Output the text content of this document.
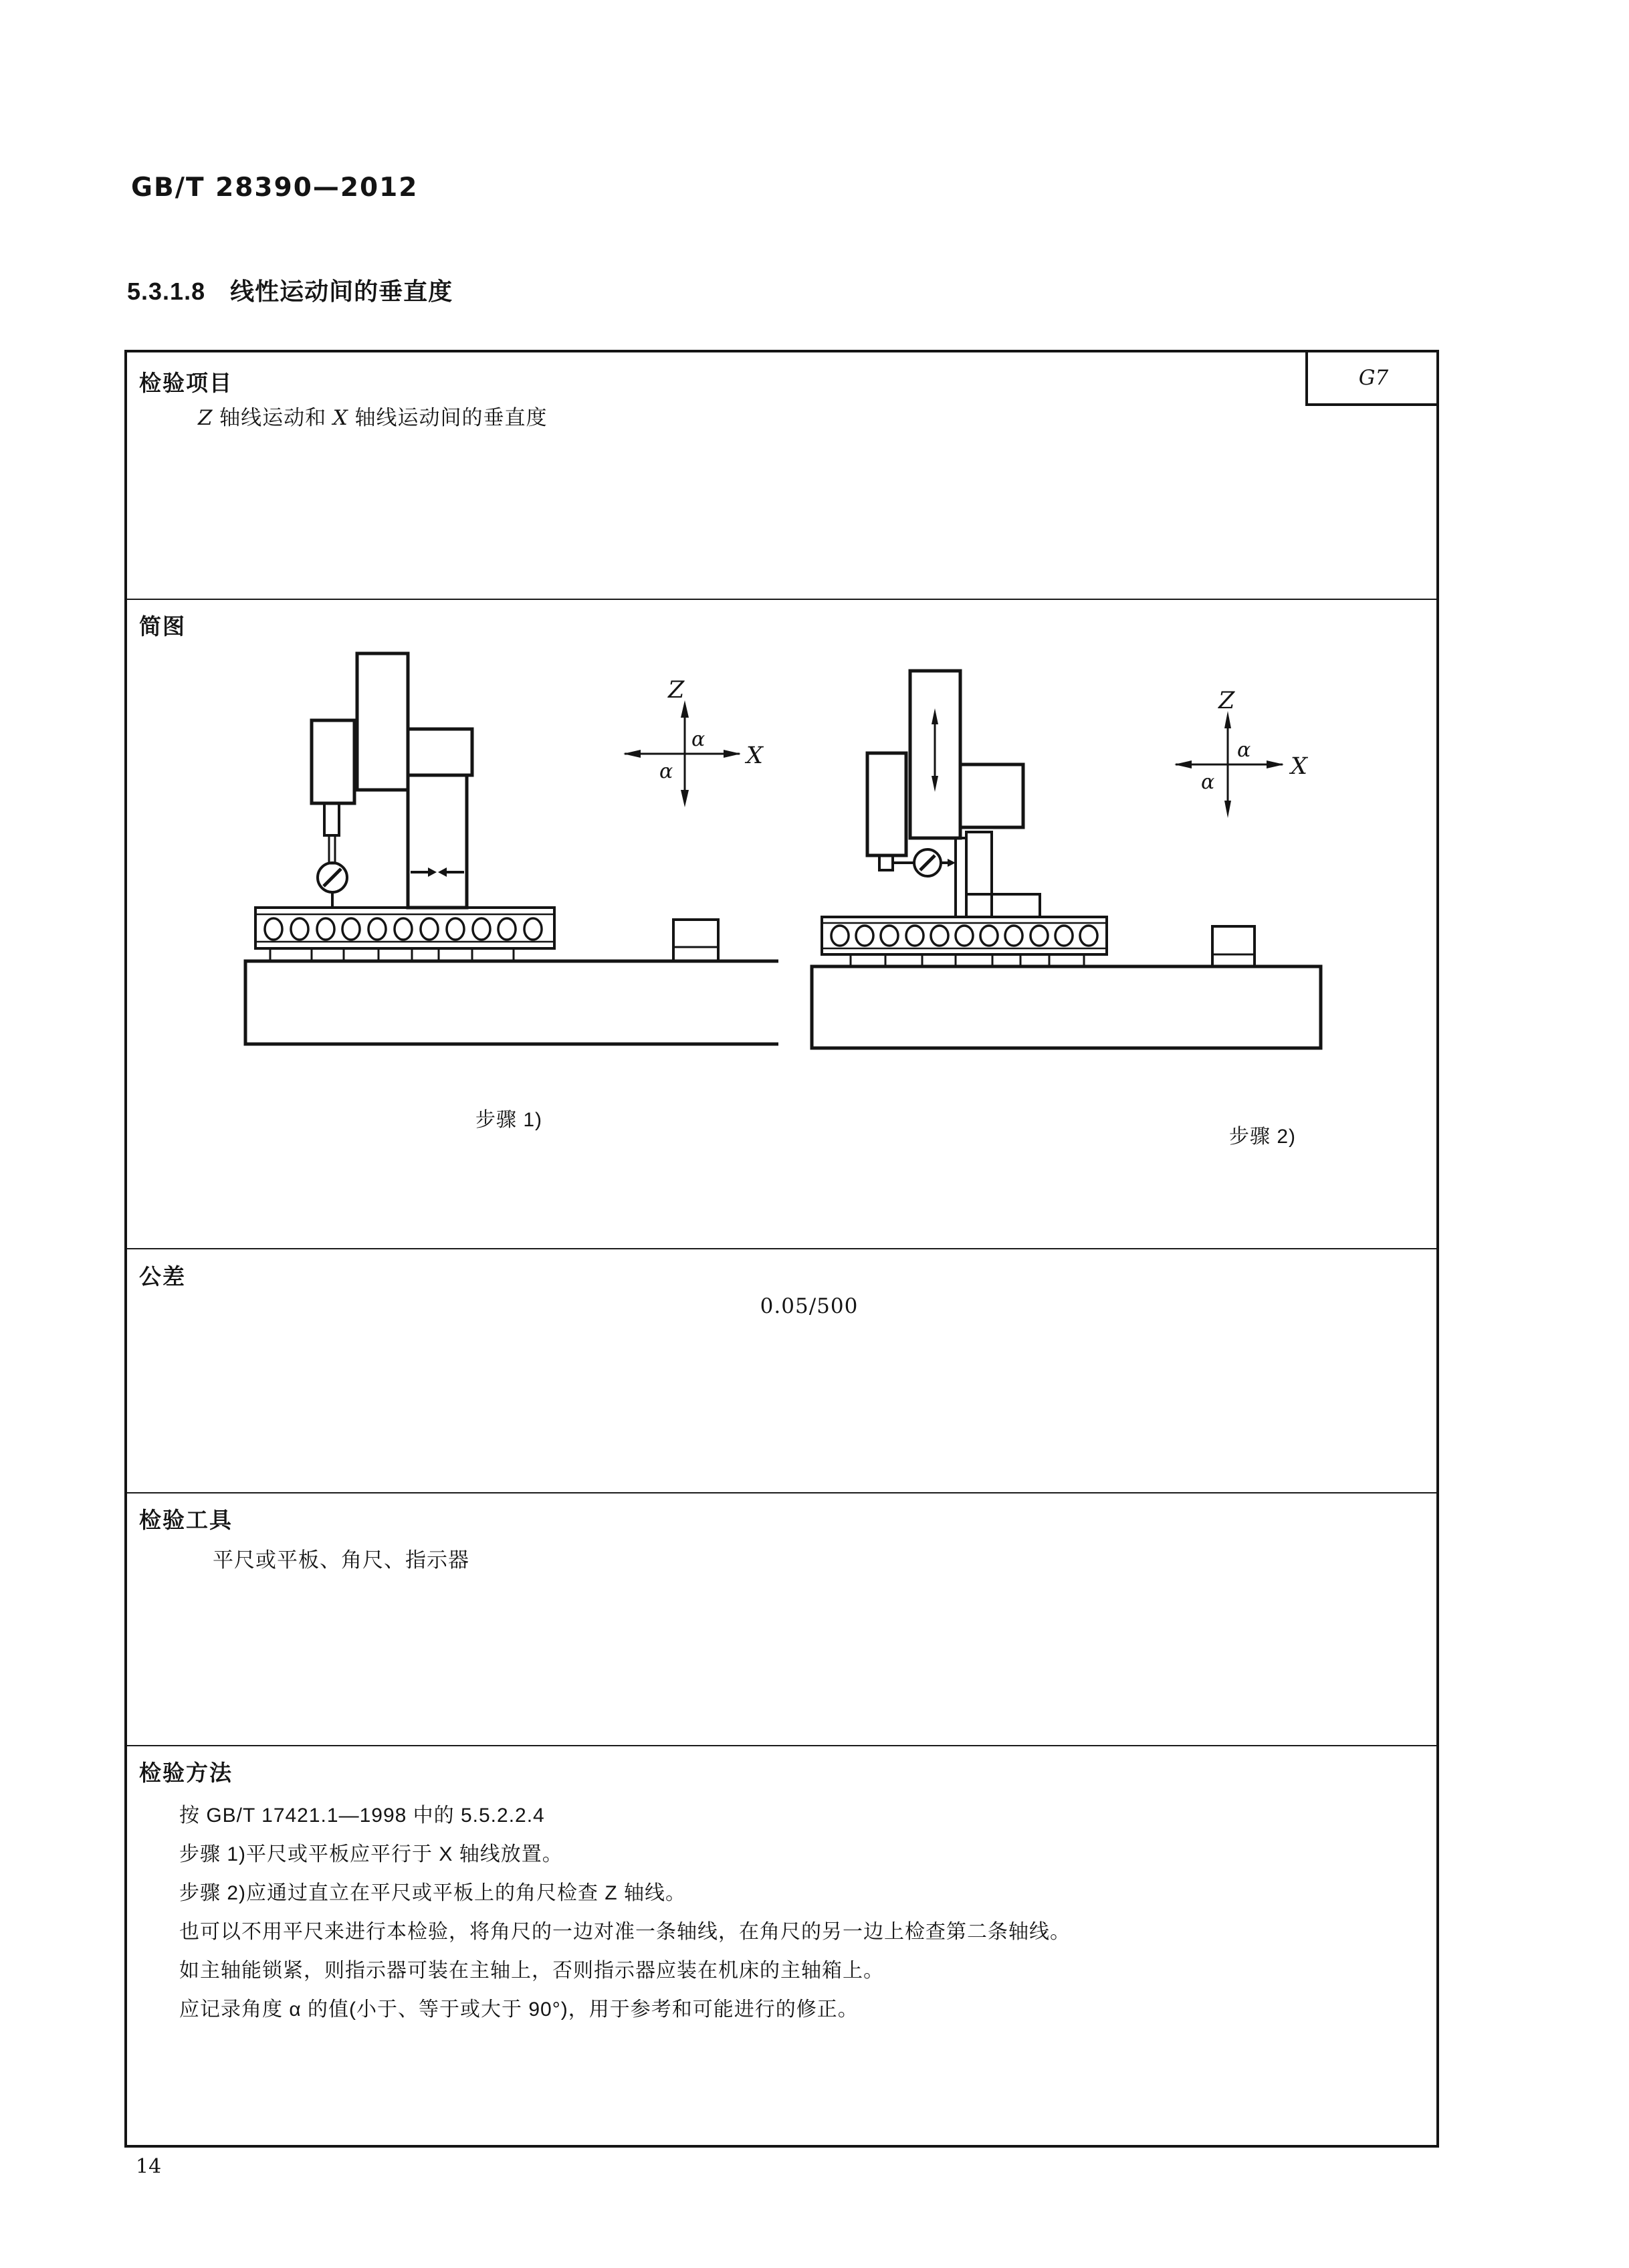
GB/T 28390—2012
5.3.1.8　线性运动间的垂直度
G7
检验项目
Z 轴线运动和 X 轴线运动间的垂直度
简图
Z
X
α
α
Z
X
α
α
步骤 1)
步骤 2)
公差
0.05/500
检验工具
平尺或平板、角尺、指示器
检验方法
按 GB/T 17421.1—1998 中的 5.5.2.2.4
步骤 1)平尺或平板应平行于 X 轴线放置。
步骤 2)应通过直立在平尺或平板上的角尺检查 Z 轴线。
也可以不用平尺来进行本检验，将角尺的一边对准一条轴线，在角尺的另一边上检查第二条轴线。
如主轴能锁紧，则指示器可装在主轴上，否则指示器应装在机床的主轴箱上。
应记录角度 α 的值(小于、等于或大于 90°)，用于参考和可能进行的修正。
14
